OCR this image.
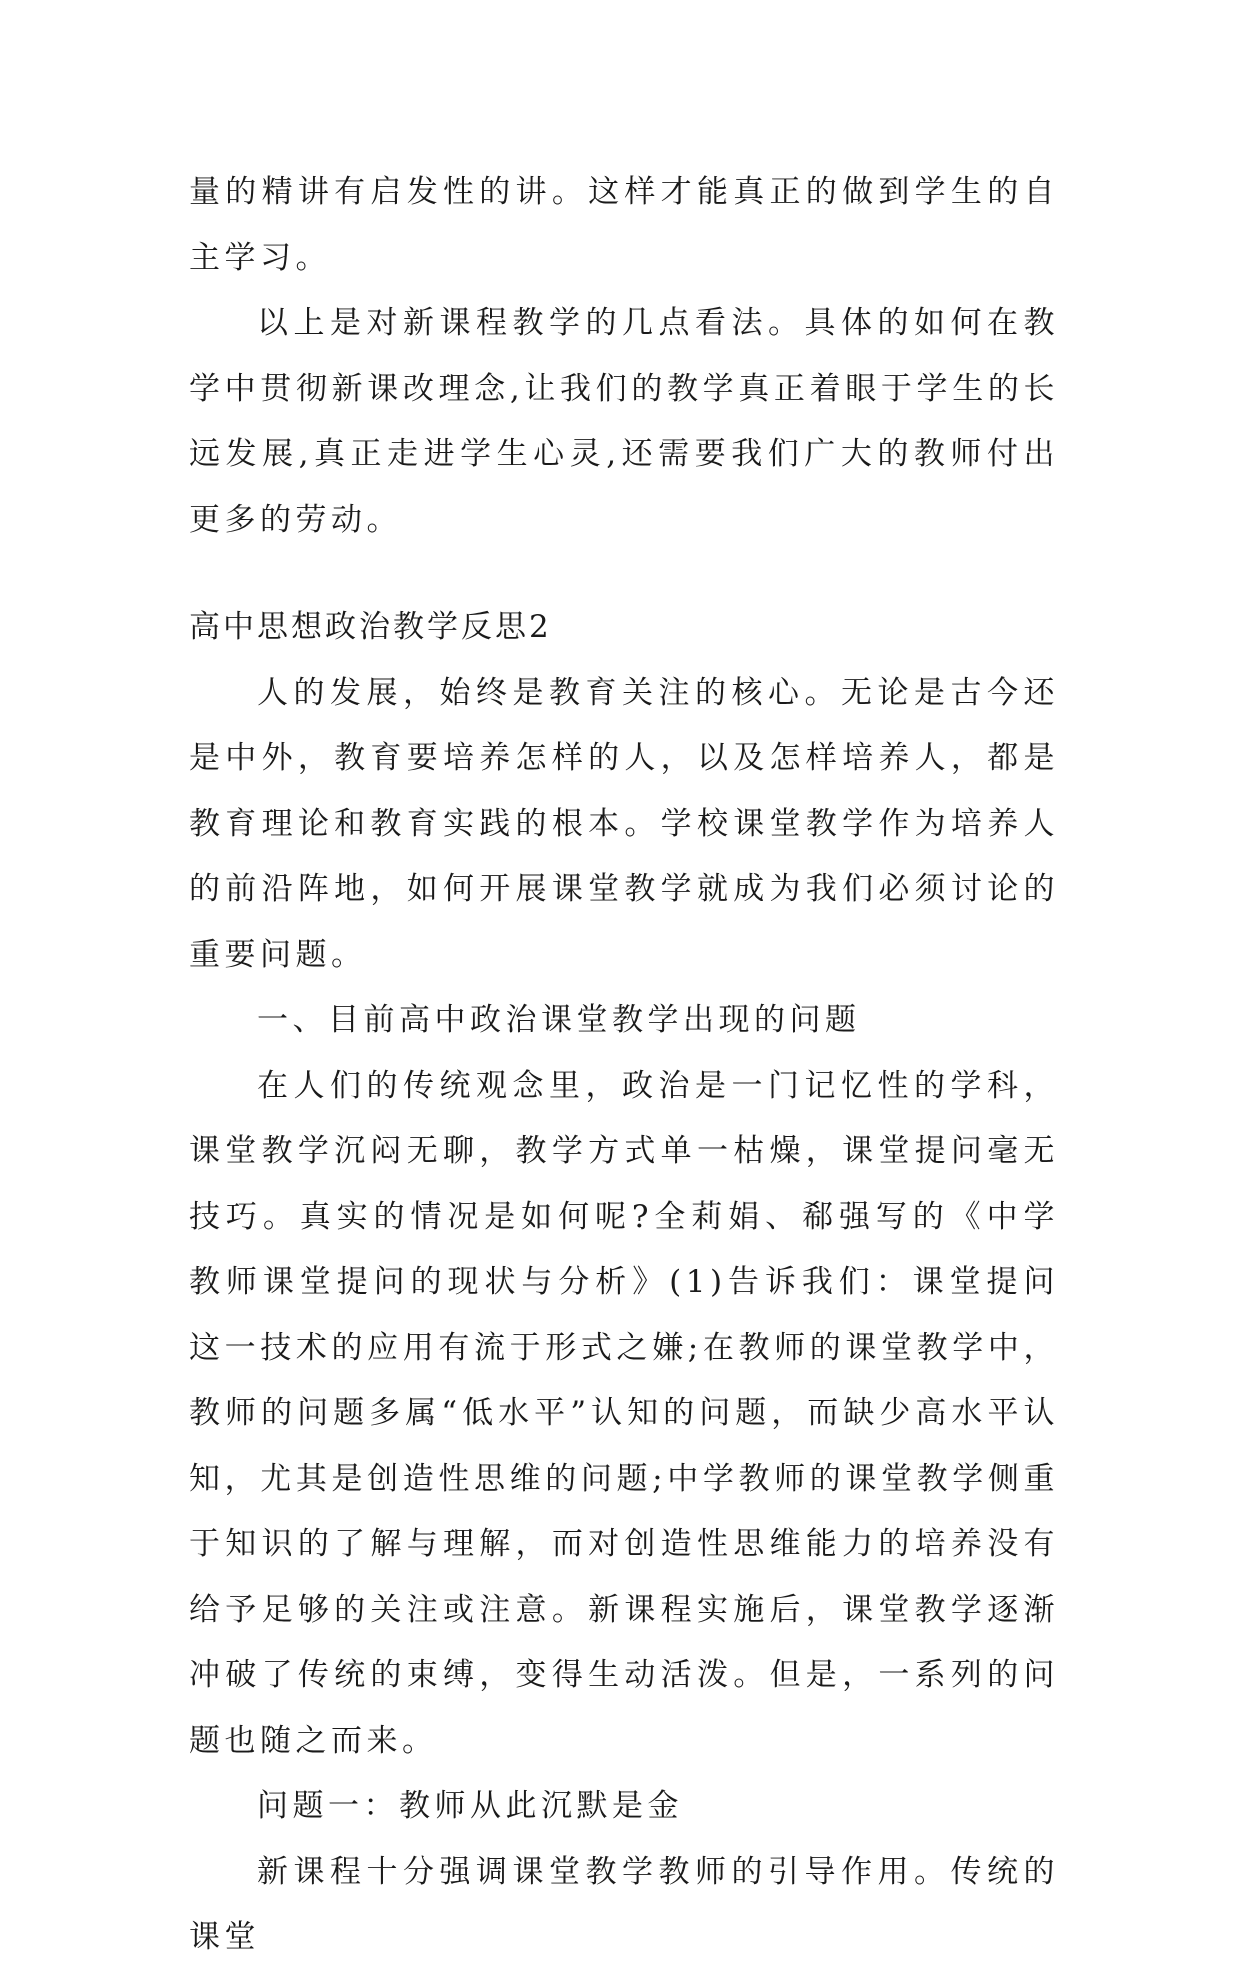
量的精讲有启发性的讲。这样才能真正的做到学生的自主学习。

以上是对新课程教学的几点看法。具体的如何在教学中贯彻新课改理念,让我们的教学真正着眼于学生的长远发展,真正走进学生心灵,还需要我们广大的教师付出更多的劳动。

高中思想政治教学反思2

人的发展，始终是教育关注的核心。无论是古今还是中外，教育要培养怎样的人，以及怎样培养人，都是教育理论和教育实践的根本。学校课堂教学作为培养人的前沿阵地，如何开展课堂教学就成为我们必须讨论的重要问题。

一、目前高中政治课堂教学出现的问题

在人们的传统观念里，政治是一门记忆性的学科，课堂教学沉闷无聊，教学方式单一枯燥，课堂提问毫无技巧。真实的情况是如何呢?全莉娟、郗强写的《中学教师课堂提问的现状与分析》(1)告诉我们：课堂提问这一技术的应用有流于形式之嫌;在教师的课堂教学中，教师的问题多属“低水平”认知的问题，而缺少高水平认知，尤其是创造性思维的问题;中学教师的课堂教学侧重于知识的了解与理解，而对创造性思维能力的培养没有给予足够的关注或注意。新课程实施后，课堂教学逐渐冲破了传统的束缚，变得生动活泼。但是，一系列的问题也随之而来。

问题一：教师从此沉默是金

新课程十分强调课堂教学教师的引导作用。传统的课堂
